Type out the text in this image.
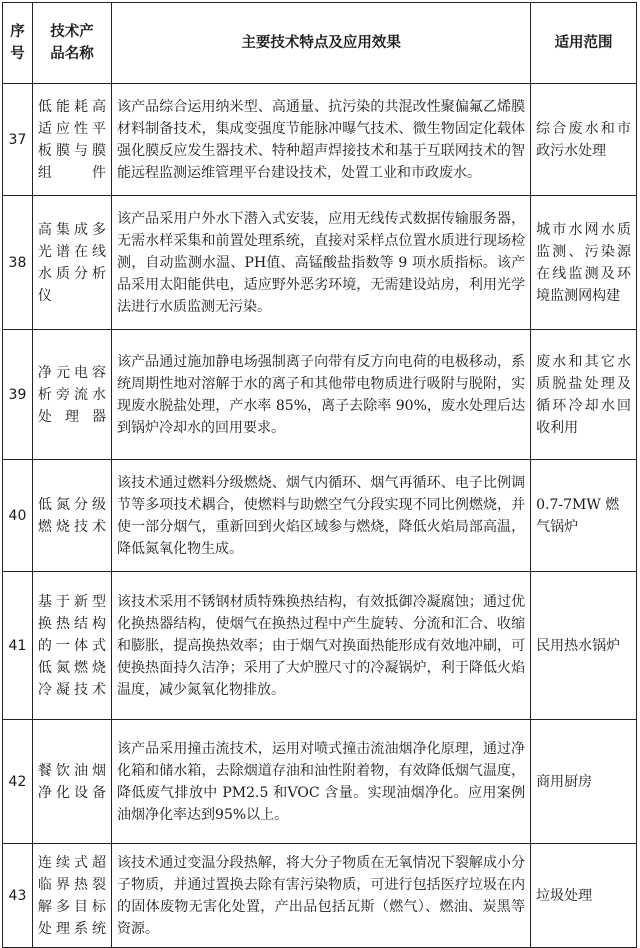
序号	技术产品名称	主要技术特点及应用效果	适用范围
37	低能耗高适应性平板膜与膜组件	该产品综合运用纳米型、高通量、抗污染的共混改性聚偏氟乙烯膜材料制备技术，集成变强度节能脉冲曝气技术、微生物固定化载体强化膜反应发生器技术、特种超声焊接技术和基于互联网技术的智能远程监测运维管理平台建设技术，处置工业和市政废水。	综合废水和市政污水处理
38	高集成多光谱在线水质分析仪	该产品采用户外水下潜入式安装，应用无线传式数据传输服务器，无需水样采集和前置处理系统，直接对采样点位置水质进行现场检测，自动监测水温、PH值、高锰酸盐指数等 9 项水质指标。该产品采用太阳能供电，适应野外恶劣环境，无需建设站房，利用光学法进行水质监测无污染。	城市水网水质监测、污染源在线监测及环境监测网构建
39	净元电容析旁流水处理器	该产品通过施加静电场强制离子向带有反方向电荷的电极移动，系统周期性地对溶解于水的离子和其他带电物质进行吸附与脱附，实现废水脱盐处理，产水率 85%，离子去除率 90%，废水处理后达到锅炉冷却水的回用要求。	废水和其它水质脱盐处理及循环冷却水回收利用
40	低氮分级燃烧技术	该技术通过燃料分级燃烧、烟气内循环、烟气再循环、电子比例调节等多项技术耦合，使燃料与助燃空气分段实现不同比例燃烧，并使一部分烟气，重新回到火焰区域参与燃烧，降低火焰局部高温，降低氮氧化物生成。	0.7-7MW 燃气锅炉
41	基于新型换热结构的一体式低氮燃烧冷凝技术	该技术采用不锈钢材质特殊换热结构，有效抵御冷凝腐蚀；通过优化换热器结构，使烟气在换热过程中产生旋转、分流和汇合、收缩和膨胀，提高换热效率；由于烟气对换面热能形成有效地冲刷，可使换热面持久洁净；采用了大炉膛尺寸的冷凝锅炉，利于降低火焰温度，减少氮氧化物排放。	民用热水锅炉
42	餐饮油烟净化设备	该产品采用撞击流技术，运用对喷式撞击流油烟净化原理，通过净化箱和储水箱，去除烟道存油和油性附着物，有效降低烟气温度，降低废气排放中 PM2.5 和VOC 含量。实现油烟净化。应用案例油烟净化率达到95%以上。	商用厨房
43	连续式超临界热裂解多目标处理系统	该技术通过变温分段热解，将大分子物质在无氧情况下裂解成小分子物质，并通过置换去除有害污染物质，可进行包括医疗垃圾在内的固体废物无害化处置，产出品包括瓦斯（燃气）、燃油、炭黑等资源。	垃圾处理
